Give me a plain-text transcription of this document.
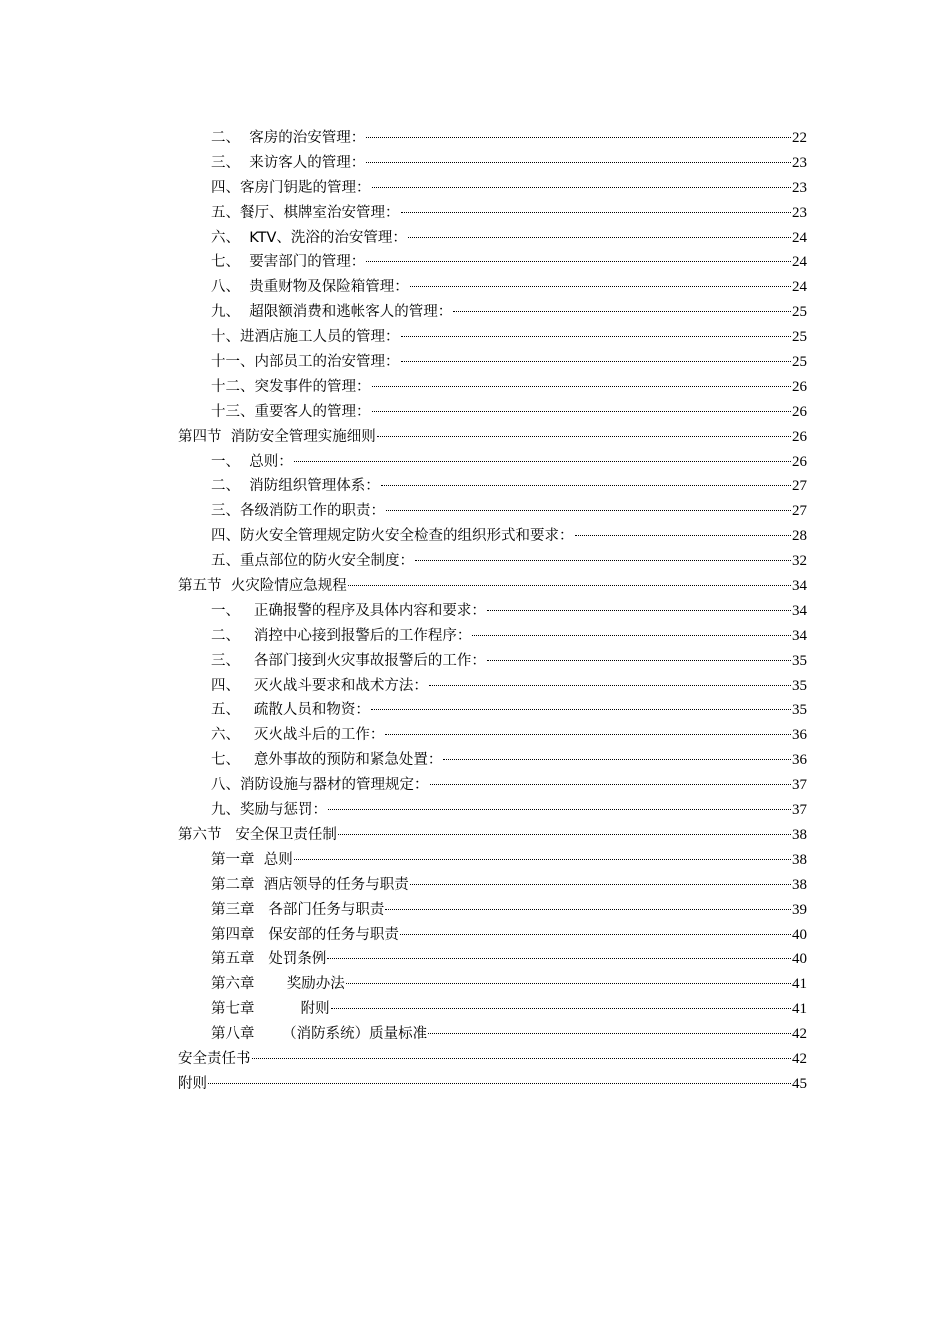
二、  客房的治安管理：	22
三、  来访客人的管理：	23
四、客房门钥匙的管理：	23
五、餐厅、棋牌室治安管理：	23
六、  KTV、洗浴的治安管理：	24
七、  要害部门的管理：	24
八、  贵重财物及保险箱管理：	24
九、  超限额消费和逃帐客人的管理：	25
十、进酒店施工人员的管理：	25
十一、内部员工的治安管理：	25
十二、突发事件的管理：	26
十三、重要客人的管理：	26
第四节  消防安全管理实施细则	26
一、  总则：	26
二、  消防组织管理体系：	27
三、各级消防工作的职责：	27
四、防火安全管理规定防火安全检查的组织形式和要求：	28
五、重点部位的防火安全制度：	32
第五节  火灾险情应急规程	34
一、   正确报警的程序及具体内容和要求：	34
二、   消控中心接到报警后的工作程序：	34
三、   各部门接到火灾事故报警后的工作：	35
四、   灭火战斗要求和战术方法：	35
五、   疏散人员和物资：	35
六、   灭火战斗后的工作：	36
七、   意外事故的预防和紧急处置：	36
八、消防设施与器材的管理规定：	37
九、奖励与惩罚：	37
第六节   安全保卫责任制	38
第一章  总则	38
第二章  酒店领导的任务与职责	38
第三章   各部门任务与职责	39
第四章   保安部的任务与职责	40
第五章   处罚条例	40
第六章       奖励办法	41
第七章          附则	41
第八章      （消防系统）质量标准	42
安全责任书	42
附则	45
